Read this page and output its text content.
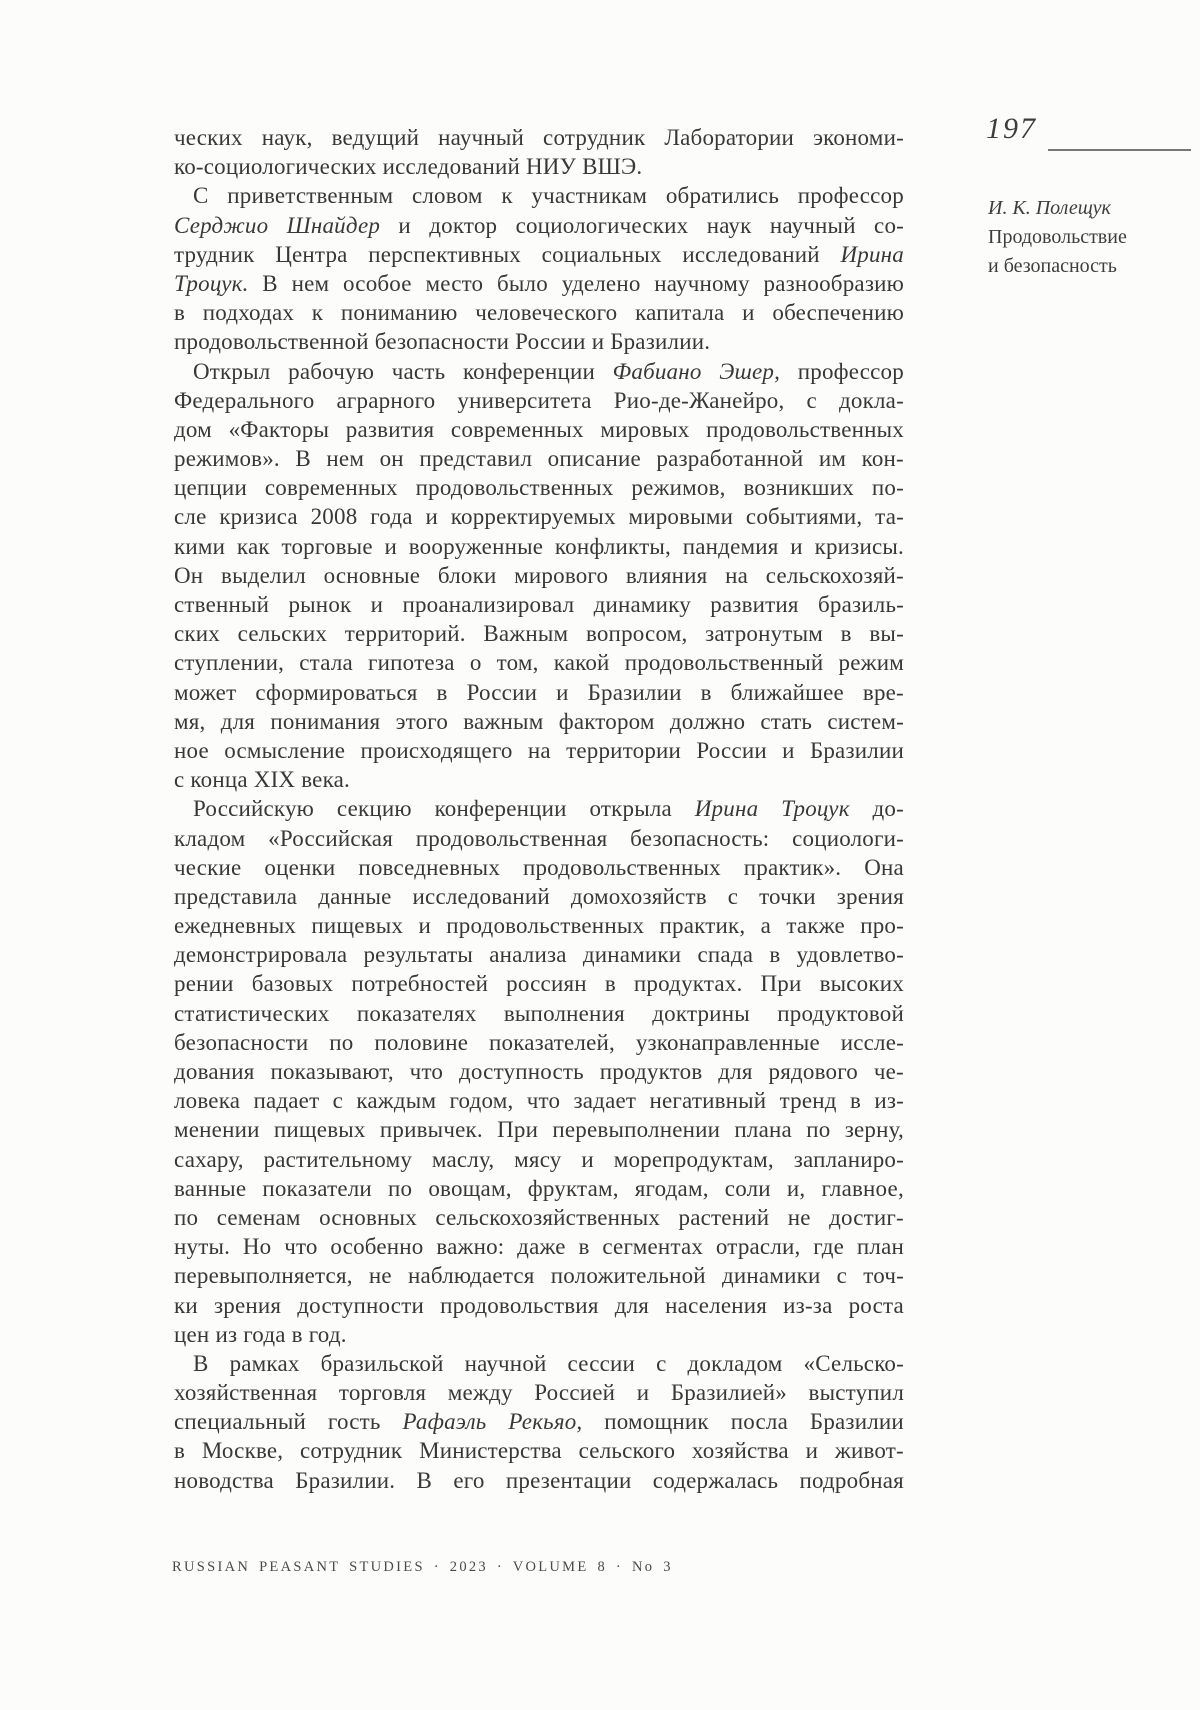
197
И. К. Полещук
Продовольствие
и безопасность
ческих наук, ведущий научный сотрудник Лаборатории экономи-
ко-социологических исследований НИУ ВШЭ.
С приветственным словом к участникам обратились профессор
Серджио Шнайдер и доктор социологических наук научный со-
трудник Центра перспективных социальных исследований Ирина
Троцук. В нем особое место было уделено научному разнообразию
в подходах к пониманию человеческого капитала и обеспечению
продовольственной безопасности России и Бразилии.
Открыл рабочую часть конференции Фабиано Эшер, профессор
Федерального аграрного университета Рио-де-Жанейро, с докла-
дом «Факторы развития современных мировых продовольственных
режимов». В нем он представил описание разработанной им кон-
цепции современных продовольственных режимов, возникших по-
сле кризиса 2008 года и корректируемых мировыми событиями, та-
кими как торговые и вооруженные конфликты, пандемия и кризисы.
Он выделил основные блоки мирового влияния на сельскохозяй-
ственный рынок и проанализировал динамику развития бразиль-
ских сельских территорий. Важным вопросом, затронутым в вы-
ступлении, стала гипотеза о том, какой продовольственный режим
может сформироваться в России и Бразилии в ближайшее вре-
мя, для понимания этого важным фактором должно стать систем-
ное осмысление происходящего на территории России и Бразилии
с конца XIX века.
Российскую секцию конференции открыла Ирина Троцук до-
кладом «Российская продовольственная безопасность: социологи-
ческие оценки повседневных продовольственных практик». Она
представила данные исследований домохозяйств с точки зрения
ежедневных пищевых и продовольственных практик, а также про-
демонстрировала результаты анализа динамики спада в удовлетво-
рении базовых потребностей россиян в продуктах. При высоких
статистических показателях выполнения доктрины продуктовой
безопасности по половине показателей, узконаправленные иссле-
дования показывают, что доступность продуктов для рядового че-
ловека падает с каждым годом, что задает негативный тренд в из-
менении пищевых привычек. При перевыполнении плана по зерну,
сахару, растительному маслу, мясу и морепродуктам, запланиро-
ванные показатели по овощам, фруктам, ягодам, соли и, главное,
по семенам основных сельскохозяйственных растений не достиг-
нуты. Но что особенно важно: даже в сегментах отрасли, где план
перевыполняется, не наблюдается положительной динамики с точ-
ки зрения доступности продовольствия для населения из-за роста
цен из года в год.
В рамках бразильской научной сессии с докладом «Сельско-
хозяйственная торговля между Россией и Бразилией» выступил
специальный гость Рафаэль Рекьяо, помощник посла Бразилии
в Москве, сотрудник Министерства сельского хозяйства и живот-
новодства Бразилии. В его презентации содержалась подробная
RUSSIAN PEASANT STUDIES · 2023 · VOLUME 8 · No 3
